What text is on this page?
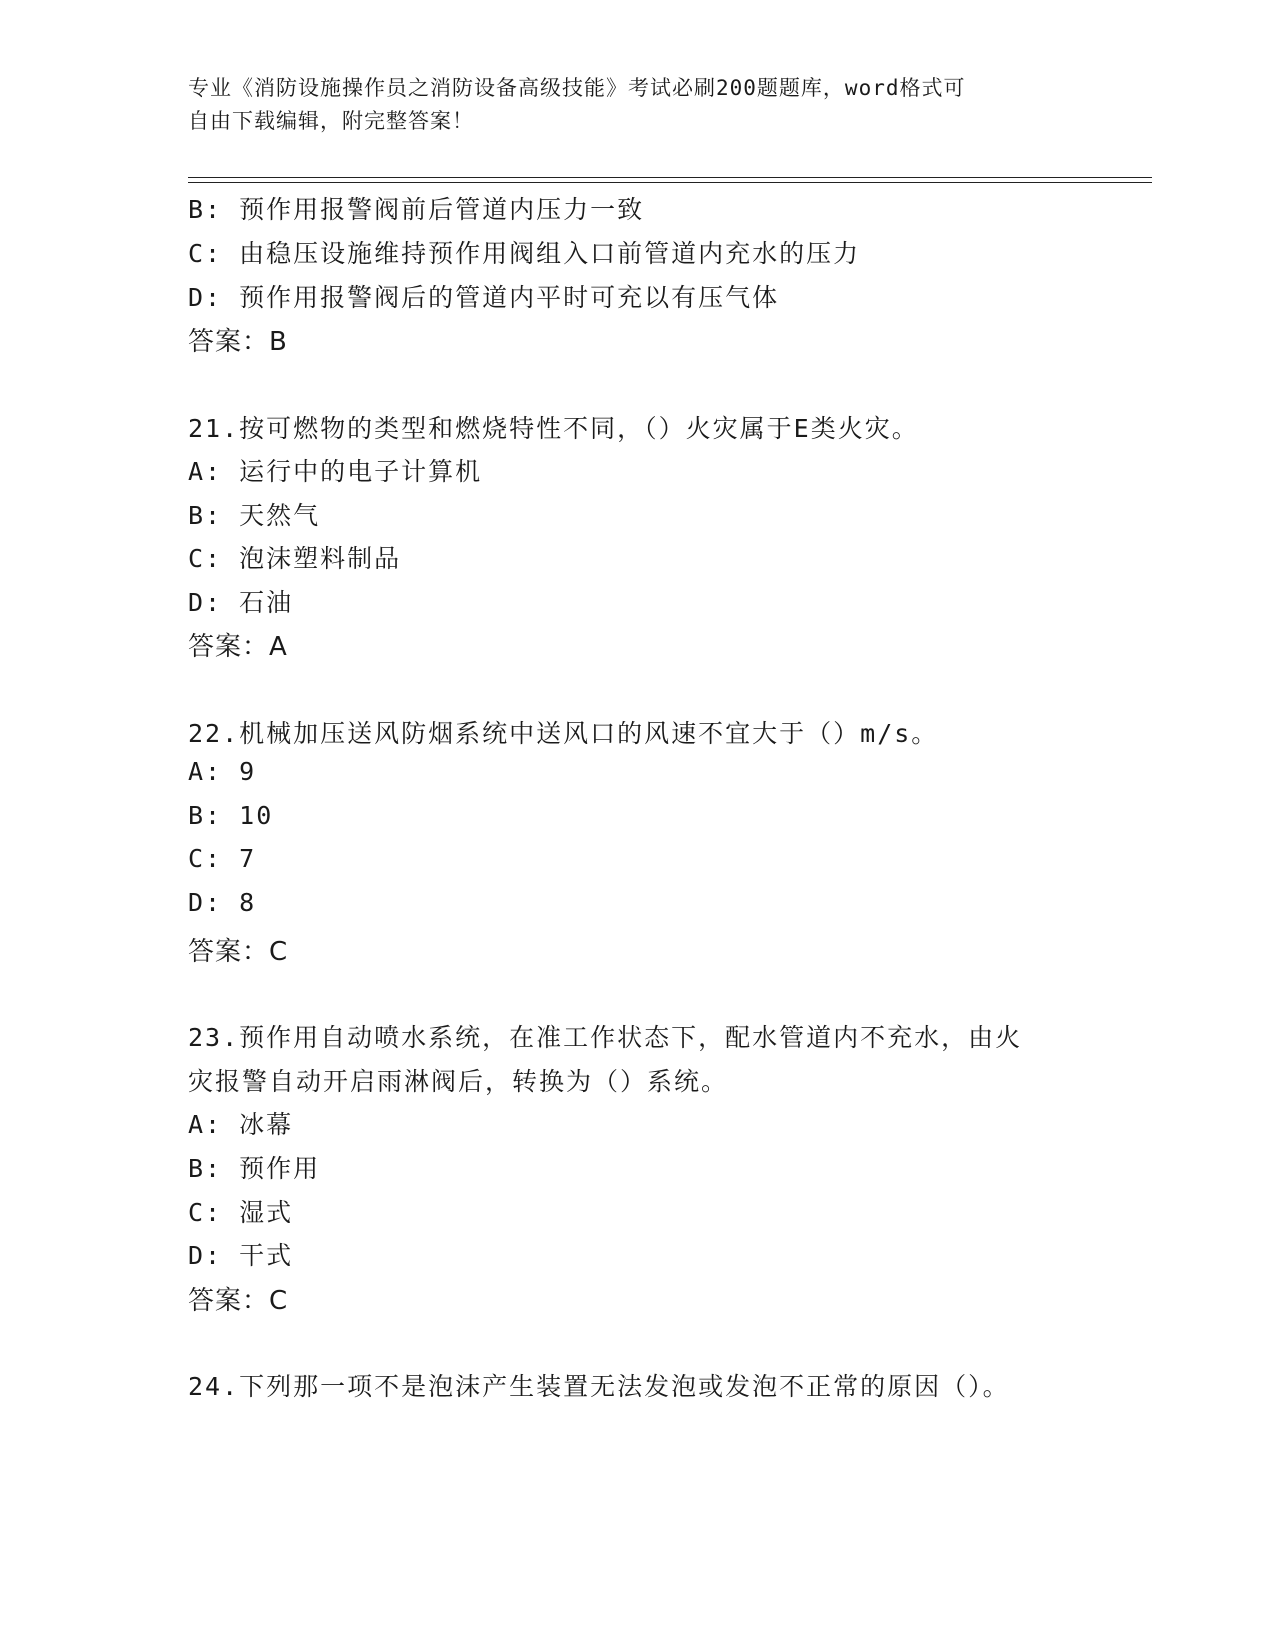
专业《消防设施操作员之消防设备高级技能》考试必刷200题题库，word格式可
自由下载编辑，附完整答案！
B: 预作用报警阀前后管道内压力一致
C: 由稳压设施维持预作用阀组入口前管道内充水的压力
D: 预作用报警阀后的管道内平时可充以有压气体
答案：B
21.按可燃物的类型和燃烧特性不同，（）火灾属于E类火灾。
A: 运行中的电子计算机
B: 天然气
C: 泡沫塑料制品
D: 石油
答案：A
22.机械加压送风防烟系统中送风口的风速不宜大于（）m/s。
A: 9
B: 10
C: 7
D: 8
答案：C
23.预作用自动喷水系统，在准工作状态下，配水管道内不充水，由火
灾报警自动开启雨淋阀后，转换为（）系统。
A: 冰幕
B: 预作用
C: 湿式
D: 干式
答案：C
24.下列那一项不是泡沫产生装置无法发泡或发泡不正常的原因（）。
